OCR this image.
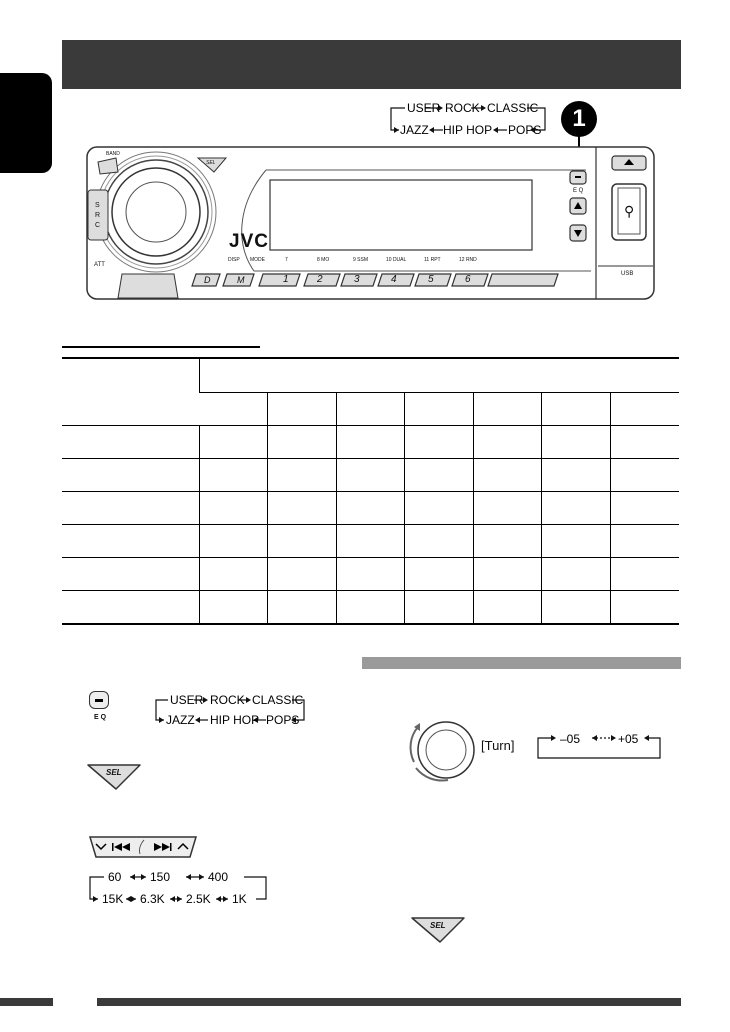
USER ROCK CLASSIC
JAZZ HIP HOP POPS	1
JVC
BAND
S
R
C
ATT
DISP MODE	7	8 MO	9 SSM	10 DUAL	11 RPT	12 RND
D	M	1	2	3	4	5	6
SEL
E Q
USB
⚲

E Q
USER ROCK CLASSIC
JAZZ HIP HOP POPS
SEL
60 150	400
15K 6.3K 2.5K 1K
[Turn]	–05	+05
SEL
